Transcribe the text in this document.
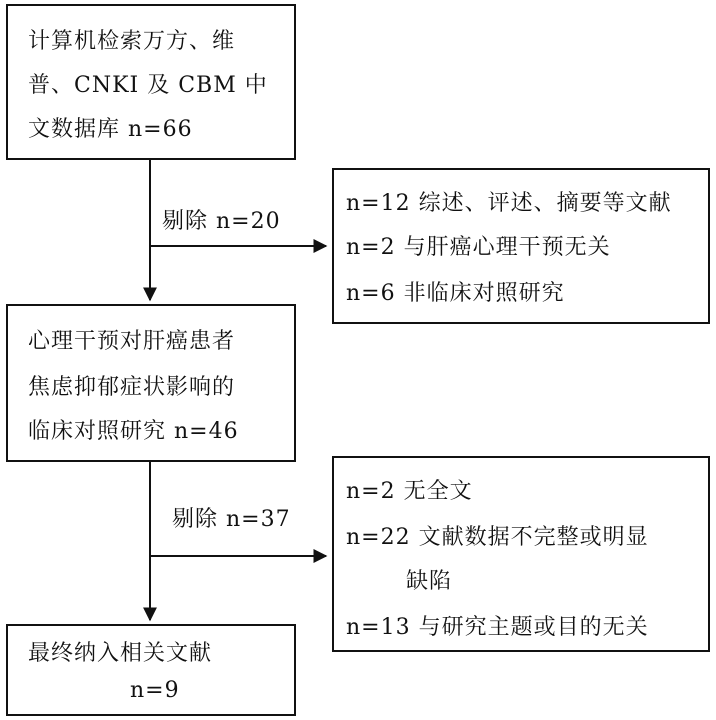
计算机检索万方、维
普、CNKI 及 CBM 中
文数据库 n=66
剔除 n=20
n=12 综述、评述、摘要等文献
n=2 与肝癌心理干预无关
n=6 非临床对照研究
心理干预对肝癌患者
焦虑抑郁症状影响的
临床对照研究 n=46
剔除 n=37
n=2 无全文
n=22 文献数据不完整或明显
缺陷
n=13 与研究主题或目的无关
最终纳入相关文献
n=9
